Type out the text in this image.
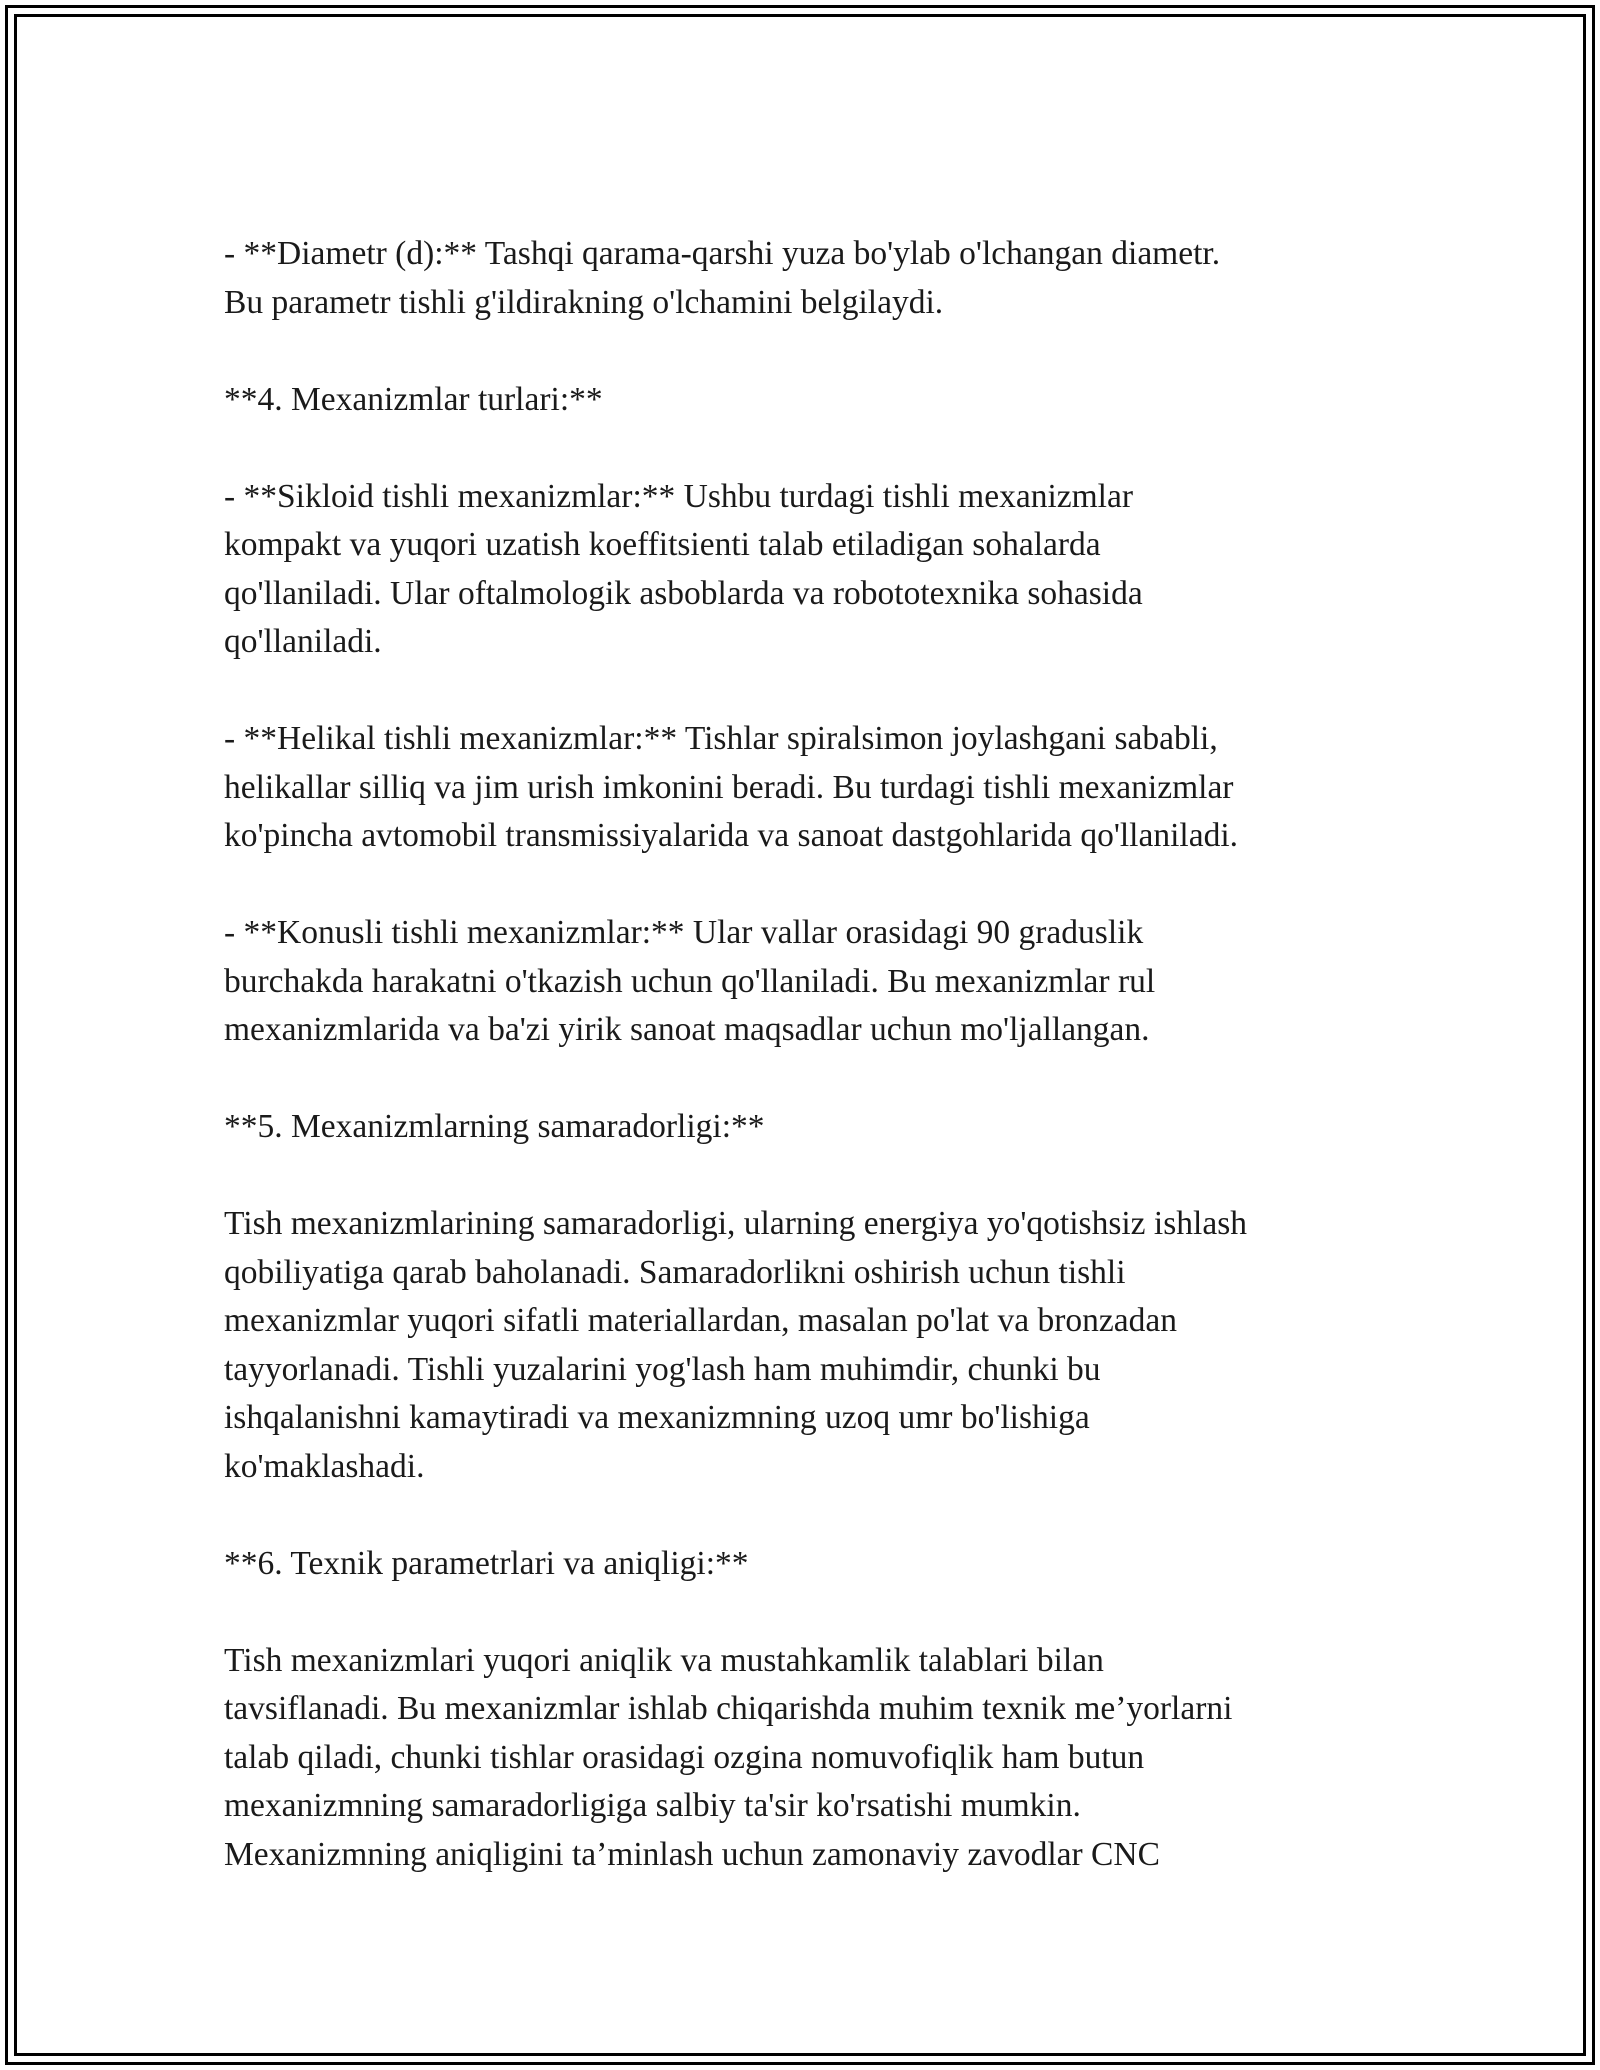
- **Diametr (d):** Tashqi qarama-qarshi yuza bo'ylab o'lchangan diametr.
Bu parametr tishli g'ildirakning o'lchamini belgilaydi.

**4. Mexanizmlar turlari:**

- **Sikloid tishli mexanizmlar:** Ushbu turdagi tishli mexanizmlar
kompakt va yuqori uzatish koeffitsienti talab etiladigan sohalarda
qo'llaniladi. Ular oftalmologik asboblarda va robototexnika sohasida
qo'llaniladi.

- **Helikal tishli mexanizmlar:** Tishlar spiralsimon joylashgani sababli,
helikallar silliq va jim urish imkonini beradi. Bu turdagi tishli mexanizmlar
ko'pincha avtomobil transmissiyalarida va sanoat dastgohlarida qo'llaniladi.

- **Konusli tishli mexanizmlar:** Ular vallar orasidagi 90 graduslik
burchakda harakatni o'tkazish uchun qo'llaniladi. Bu mexanizmlar rul
mexanizmlarida va ba'zi yirik sanoat maqsadlar uchun mo'ljallangan.

**5. Mexanizmlarning samaradorligi:**

Tish mexanizmlarining samaradorligi, ularning energiya yo'qotishsiz ishlash
qobiliyatiga qarab baholanadi. Samaradorlikni oshirish uchun tishli
mexanizmlar yuqori sifatli materiallardan, masalan po'lat va bronzadan
tayyorlanadi. Tishli yuzalarini yog'lash ham muhimdir, chunki bu
ishqalanishni kamaytiradi va mexanizmning uzoq umr bo'lishiga
ko'maklashadi.

**6. Texnik parametrlari va aniqligi:**

Tish mexanizmlari yuqori aniqlik va mustahkamlik talablari bilan
tavsiflanadi. Bu mexanizmlar ishlab chiqarishda muhim texnik me’yorlarni
talab qiladi, chunki tishlar orasidagi ozgina nomuvofiqlik ham butun
mexanizmning samaradorligiga salbiy ta'sir ko'rsatishi mumkin.
Mexanizmning aniqligini ta’minlash uchun zamonaviy zavodlar CNC
